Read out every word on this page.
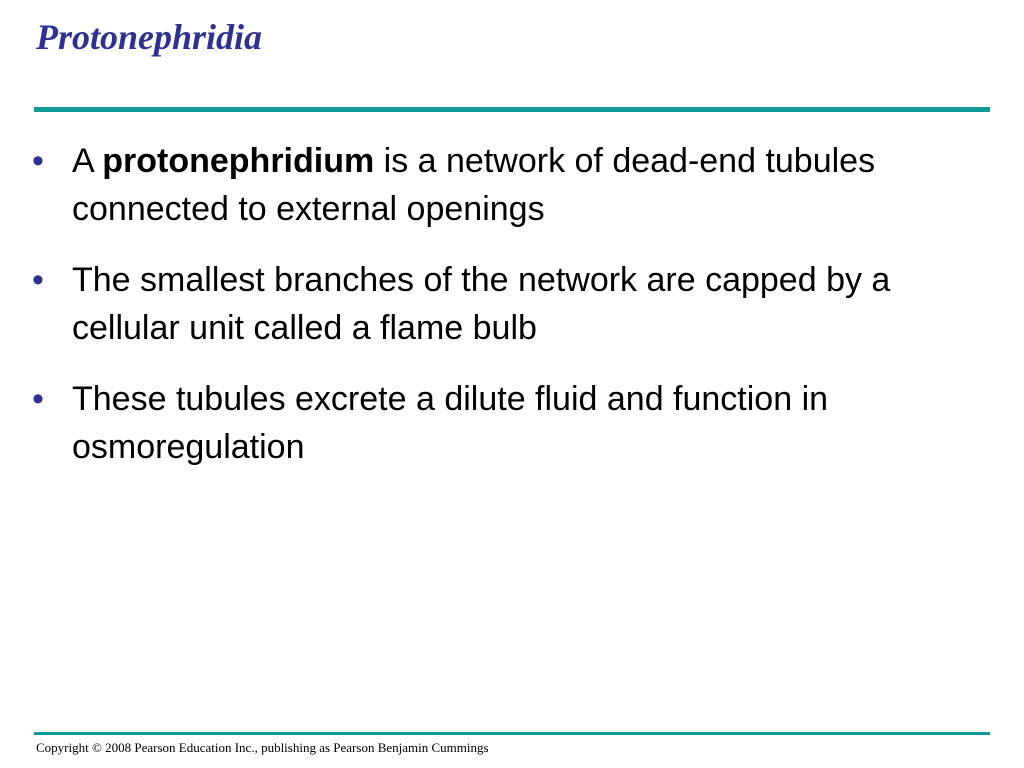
Protonephridia
• A protonephridium is a network of dead-end tubules connected to external openings
• The smallest branches of the network are capped by a cellular unit called a flame bulb
• These tubules excrete a dilute fluid and function in osmoregulation
Copyright © 2008 Pearson Education Inc., publishing as Pearson Benjamin Cummings
